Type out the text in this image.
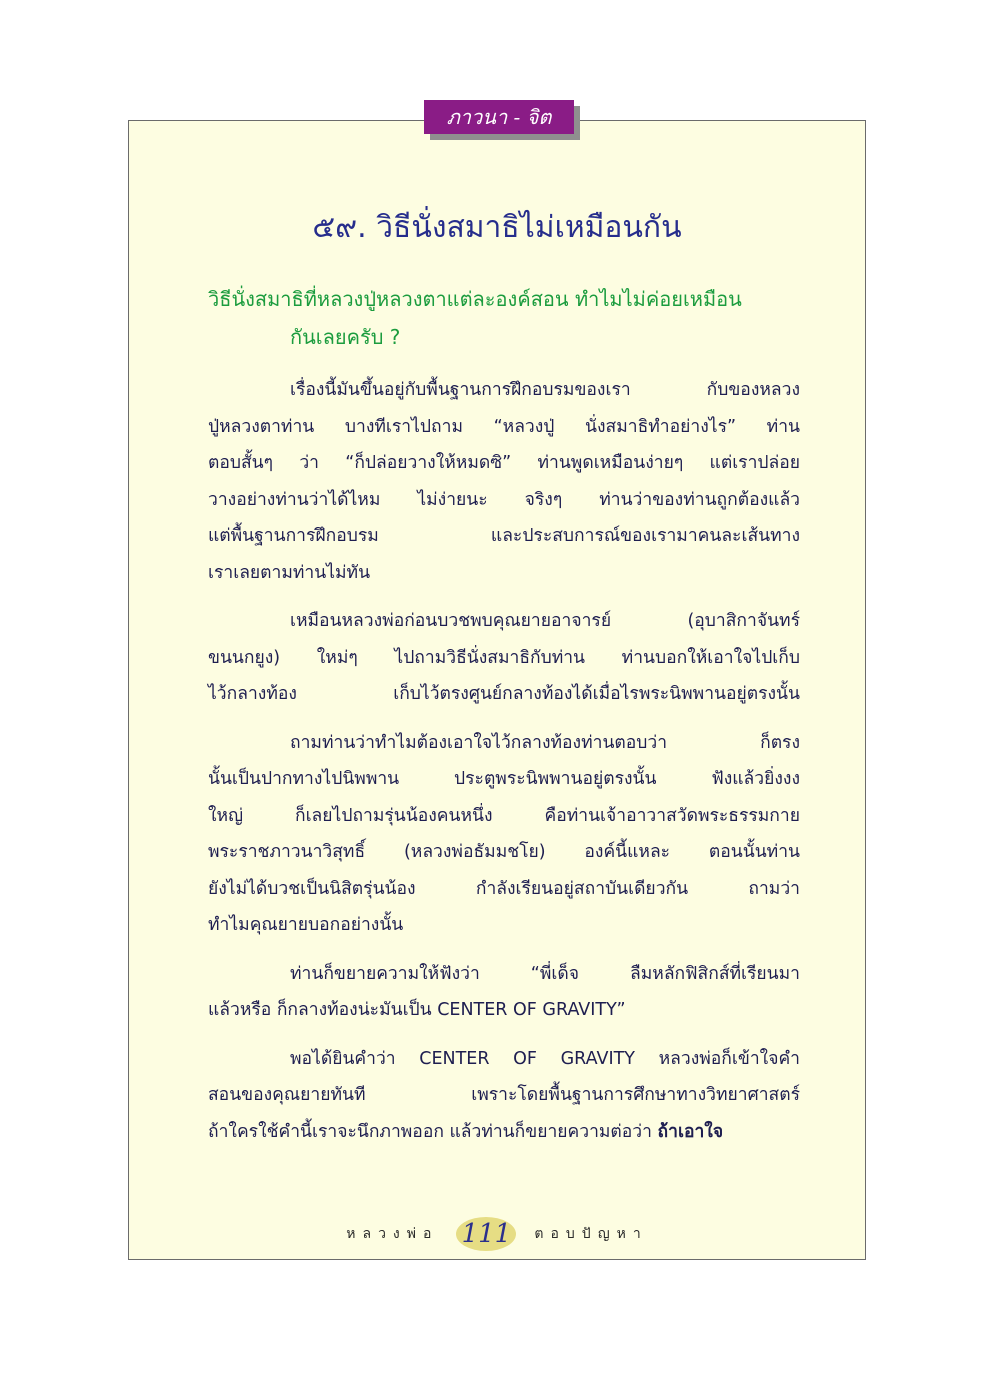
ภาวนา - จิต
๕๙. วิธีนั่งสมาธิไม่เหมือนกัน
วิธีนั่งสมาธิที่หลวงปู่หลวงตาแต่ละองค์สอน ทำไมไม่ค่อยเหมือน
กันเลยครับ ?
เรื่องนี้มันขึ้นอยู่กับพื้นฐานการฝึกอบรมของเรา กับของหลวง
ปู่หลวงตาท่าน บางทีเราไปถาม “หลวงปู่ นั่งสมาธิทำอย่างไร” ท่าน
ตอบสั้นๆ ว่า “ก็ปล่อยวางให้หมดซิ” ท่านพูดเหมือนง่ายๆ แต่เราปล่อย
วางอย่างท่านว่าได้ไหม ไม่ง่ายนะ จริงๆ ท่านว่าของท่านถูกต้องแล้ว
แต่พื้นฐานการฝึกอบรม และประสบการณ์ของเรามาคนละเส้นทาง
เราเลยตามท่านไม่ทัน
เหมือนหลวงพ่อก่อนบวชพบคุณยายอาจารย์ (อุบาสิกาจันทร์
ขนนกยูง) ใหม่ๆ ไปถามวิธีนั่งสมาธิกับท่าน ท่านบอกให้เอาใจไปเก็บ
ไว้กลางท้อง เก็บไว้ตรงศูนย์กลางท้องได้เมื่อไรพระนิพพานอยู่ตรงนั้น
ถามท่านว่าทำไมต้องเอาใจไว้กลางท้องท่านตอบว่า ก็ตรง
นั้นเป็นปากทางไปนิพพาน ประตูพระนิพพานอยู่ตรงนั้น ฟังแล้วยิ่งงง
ใหญ่ ก็เลยไปถามรุ่นน้องคนหนึ่ง คือท่านเจ้าอาวาสวัดพระธรรมกาย
พระราชภาวนาวิสุทธิ์ (หลวงพ่อธัมมชโย) องค์นี้แหละ ตอนนั้นท่าน
ยังไม่ได้บวชเป็นนิสิตรุ่นน้อง กำลังเรียนอยู่สถาบันเดียวกัน ถามว่า
ทำไมคุณยายบอกอย่างนั้น
ท่านก็ขยายความให้ฟังว่า “พี่เด็จ ลืมหลักฟิสิกส์ที่เรียนมา
แล้วหรือ ก็กลางท้องน่ะมันเป็น CENTER OF GRAVITY”
พอได้ยินคำว่า CENTER OF GRAVITY หลวงพ่อก็เข้าใจคำ
สอนของคุณยายทันที เพราะโดยพื้นฐานการศึกษาทางวิทยาศาสตร์
ถ้าใครใช้คำนี้เราจะนึกภาพออก แล้วท่านก็ขยายความต่อว่า ถ้าเอาใจ
หลวงพ่อ 111	ตอบปัญหา
